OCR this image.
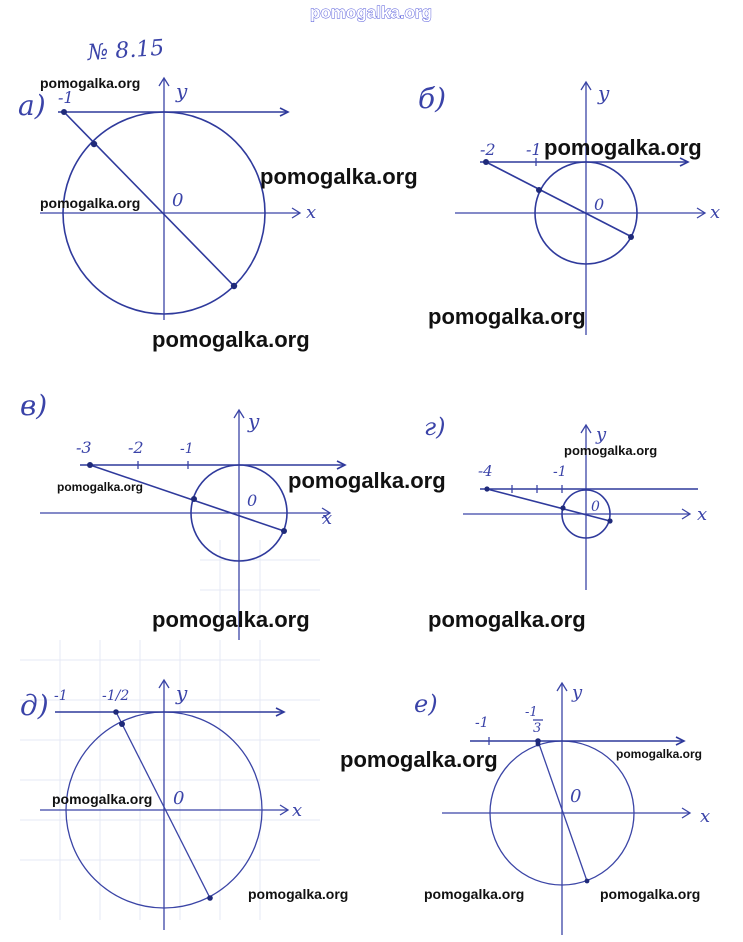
pomogalka.org
№ 8.15
а)
x
y
0
-1	б)
x
y
0
-2 -1
в)
x
y
0
-3 -2	-1
г)
x
y
0
-4	-1
д)
x
y
0
-1 -1/2	е)
x
y
0
-1
-1
3
pomogalka.org
pomogalka.org
pomogalka.org
pomogalka.org
pomogalka.org
pomogalka.org
pomogalka.org	pomogalka.org
pomogalka.org
pomogalka.org	pomogalka.org
pomogalka.org	pomogalka.org
pomogalka.org
pomogalka.org	pomogalka.org	pomogalka.org
